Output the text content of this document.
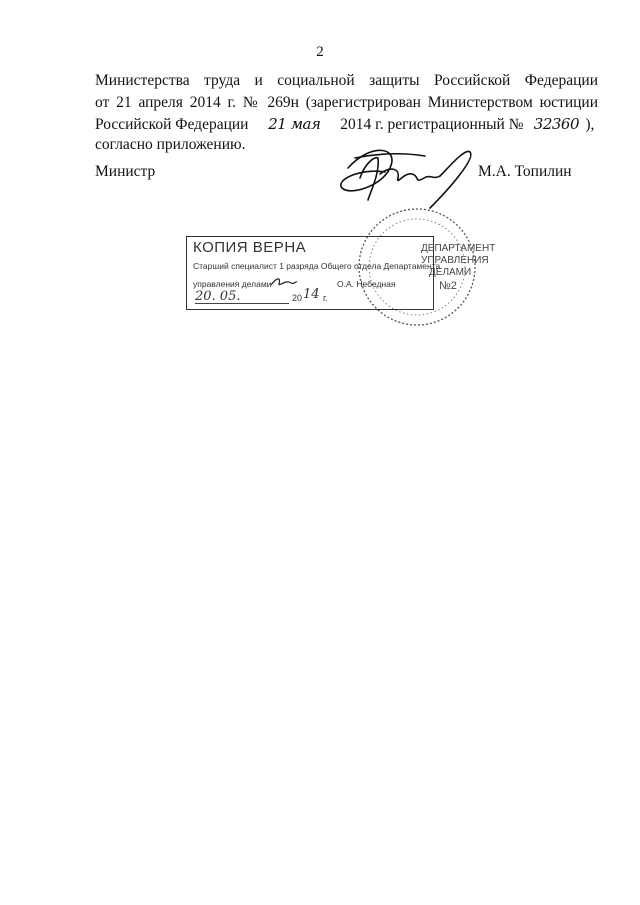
2
Министерства труда и социальной защиты Российской Федерации
от 21 апреля 2014 г. № 269н (зарегистрирован Министерством юстиции
Российской Федерации 21 мая 2014 г. регистрационный № 32360 ),
согласно приложению.
Министр	М.А. Топилин
ДЕПАРТАМЕНТ
УПРАВЛЕНИЯ
ДЕЛАМИ
№2
КОПИЯ ВЕРНА
Старший специалист 1 разряда Общего отдела Департамента
управления делами	О.А. Небедная
20. 05.	20 14 г.
